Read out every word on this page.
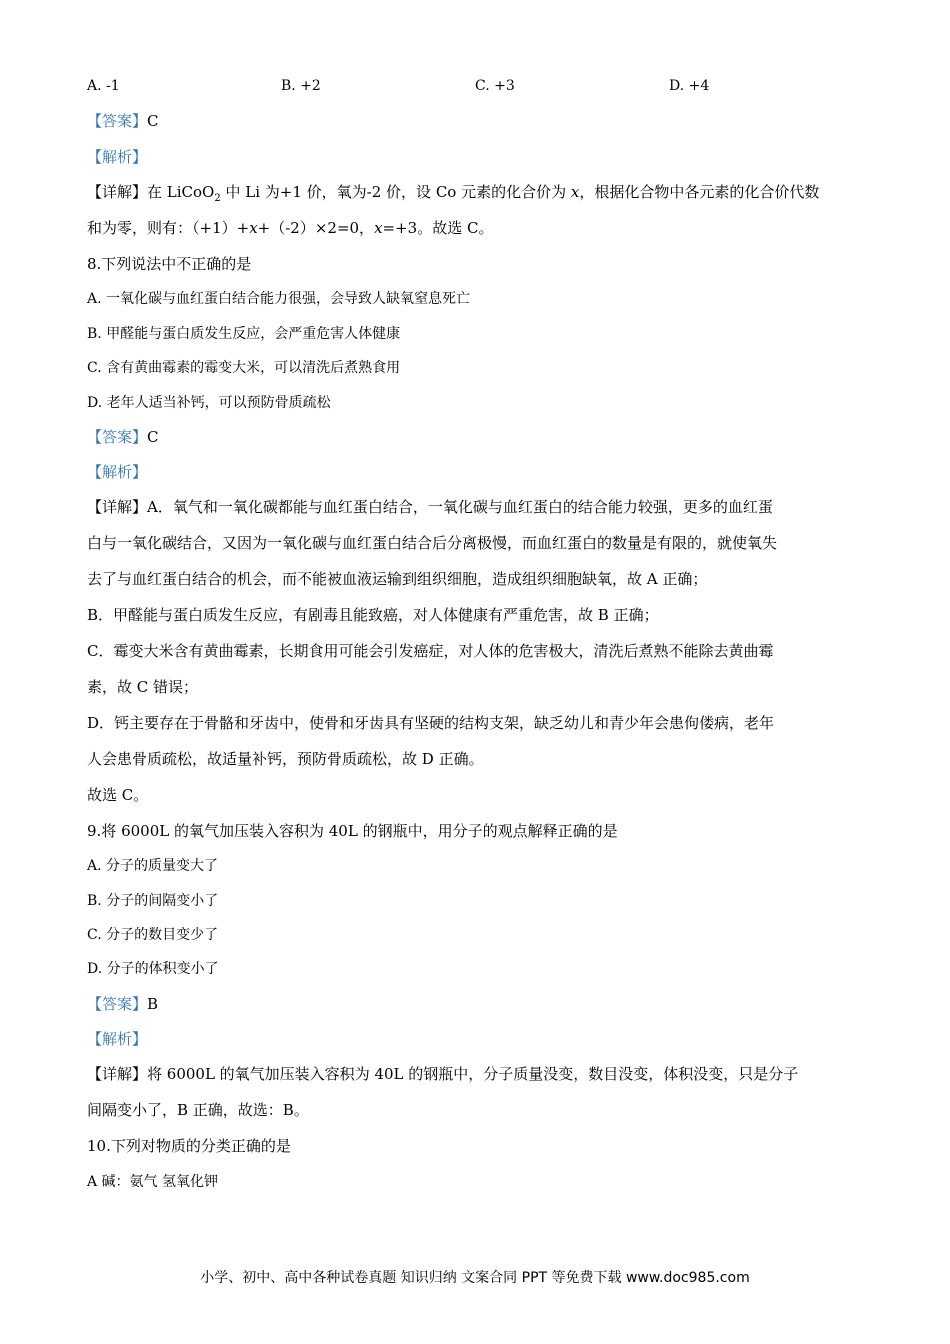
A. -1	B. +2	C. +3	D. +4
【答案】C
【解析】
【详解】在 LiCoO$_2$ 中 Li 为+1 价，氧为-2 价，设 Co 元素的化合价为 x，根据化合物中各元素的化合价代数
和为零，则有：（+1）+x+（-2）×2=0，x=+3。故选 C。
8.下列说法中不正确的是
A. 一氧化碳与血红蛋白结合能力很强，会导致人缺氧窒息死亡
B. 甲醛能与蛋白质发生反应，会严重危害人体健康
C. 含有黄曲霉素的霉变大米，可以清洗后煮熟食用
D. 老年人适当补钙，可以预防骨质疏松
【答案】C
【解析】
【详解】A．氧气和一氧化碳都能与血红蛋白结合，一氧化碳与血红蛋白的结合能力较强，更多的血红蛋
白与一氧化碳结合，又因为一氧化碳与血红蛋白结合后分离极慢，而血红蛋白的数量是有限的，就使氧失
去了与血红蛋白结合的机会，而不能被血液运输到组织细胞，造成组织细胞缺氧，故 A 正确；
B．甲醛能与蛋白质发生反应，有剧毒且能致癌，对人体健康有严重危害，故 B 正确；
C．霉变大米含有黄曲霉素，长期食用可能会引发癌症，对人体的危害极大，清洗后煮熟不能除去黄曲霉
素，故 C 错误；
D．钙主要存在于骨骼和牙齿中，使骨和牙齿具有坚硬的结构支架，缺乏幼儿和青少年会患佝偻病，老年
人会患骨质疏松，故适量补钙，预防骨质疏松，故 D 正确。
故选 C。
9.将 6000L 的氧气加压装入容积为 40L 的钢瓶中，用分子的观点解释正确的是
A. 分子的质量变大了
B. 分子的间隔变小了
C. 分子的数目变少了
D. 分子的体积变小了
【答案】B
【解析】
【详解】将 6000L 的氧气加压装入容积为 40L 的钢瓶中，分子质量没变，数目没变，体积没变，只是分子
间隔变小了，B 正确，故选：B。
10.下列对物质的分类正确的是
A 碱：氨气 氢氧化钾
小学、初中、高中各种试卷真题 知识归纳 文案合同 PPT 等免费下载 www.doc985.com
